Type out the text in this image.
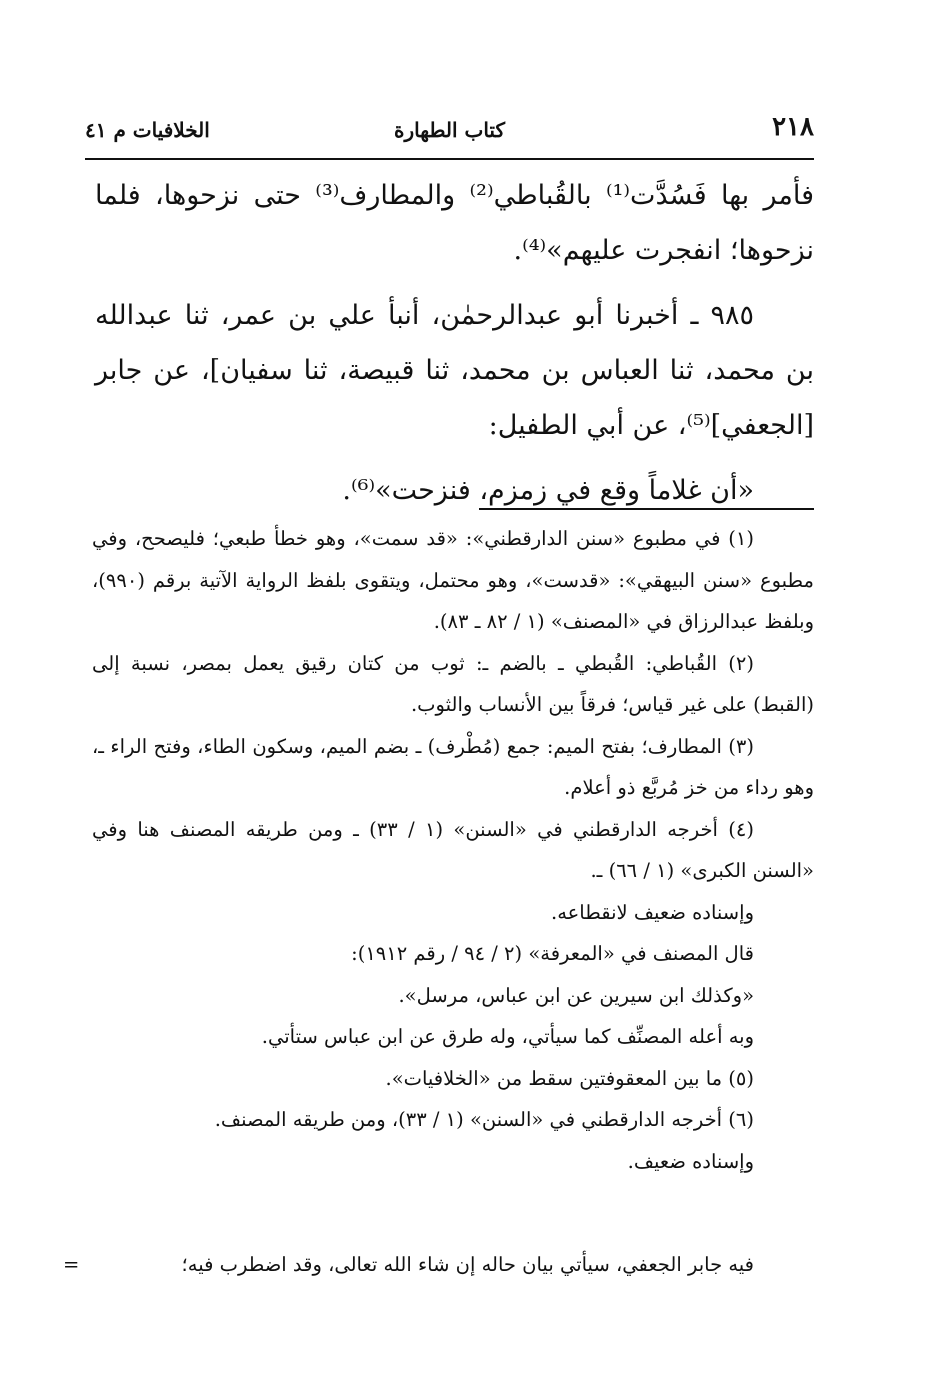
٢١٨
كتاب الطهارة
الخلافيات م ٤١

فأمر بها فَسُدَّت⁽¹⁾ بالقُباطي⁽²⁾ والمطارف⁽³⁾ حتى نزحوها، فلما نزحوها؛ انفجرت عليهم»⁽⁴⁾.

٩٨٥ ـ أخبرنا أبو عبدالرحمٰن، أنبأ علي بن عمر، ثنا عبدالله بن محمد، ثنا العباس بن محمد، ثنا قبيصة، ثنا سفيان]، عن جابر [الجعفي]⁽⁵⁾، عن أبي الطفيل:

«أن غلاماً وقع في زمزم، فنزحت»⁽⁶⁾.

(١) في مطبوع «سنن الدارقطني»: «قد سمت»، وهو خطأ طبعي؛ فليصحح، وفي مطبوع «سنن البيهقي»: «قدست»، وهو محتمل، ويتقوى بلفظ الرواية الآتية برقم (٩٩٠)، وبلفظ عبدالرزاق في «المصنف» (١ / ٨٢ ـ ٨٣).

(٢) القُباطي: القُبطي ـ بالضم ـ: ثوب من كتان رقيق يعمل بمصر، نسبة إلى (القبط) على غير قياس؛ فرقاً بين الأنساب والثوب.

(٣) المطارف؛ بفتح الميم: جمع (مُطْرف) ـ بضم الميم، وسكون الطاء، وفتح الراء ـ، وهو رداء من خز مُربَّع ذو أعلام.

(٤) أخرجه الدارقطني في «السنن» (١ / ٣٣) ـ ومن طريقه المصنف هنا وفي «السنن الكبرى» (١ / ٦٦) ـ.

وإسناده ضعيف لانقطاعه.

قال المصنف في «المعرفة» (٢ / ٩٤ / رقم ١٩١٢):

«وكذلك ابن سيرين عن ابن عباس، مرسل».

وبه أعله المصنِّف كما سيأتي، وله طرق عن ابن عباس ستأتي.

(٥) ما بين المعقوفتين سقط من «الخلافيات».

(٦) أخرجه الدارقطني في «السنن» (١ / ٣٣)، ومن طريقه المصنف.

وإسناده ضعيف.

فيه جابر الجعفي، سيأتي بيان حاله إن شاء الله تعالى، وقد اضطرب فيه؛
=
